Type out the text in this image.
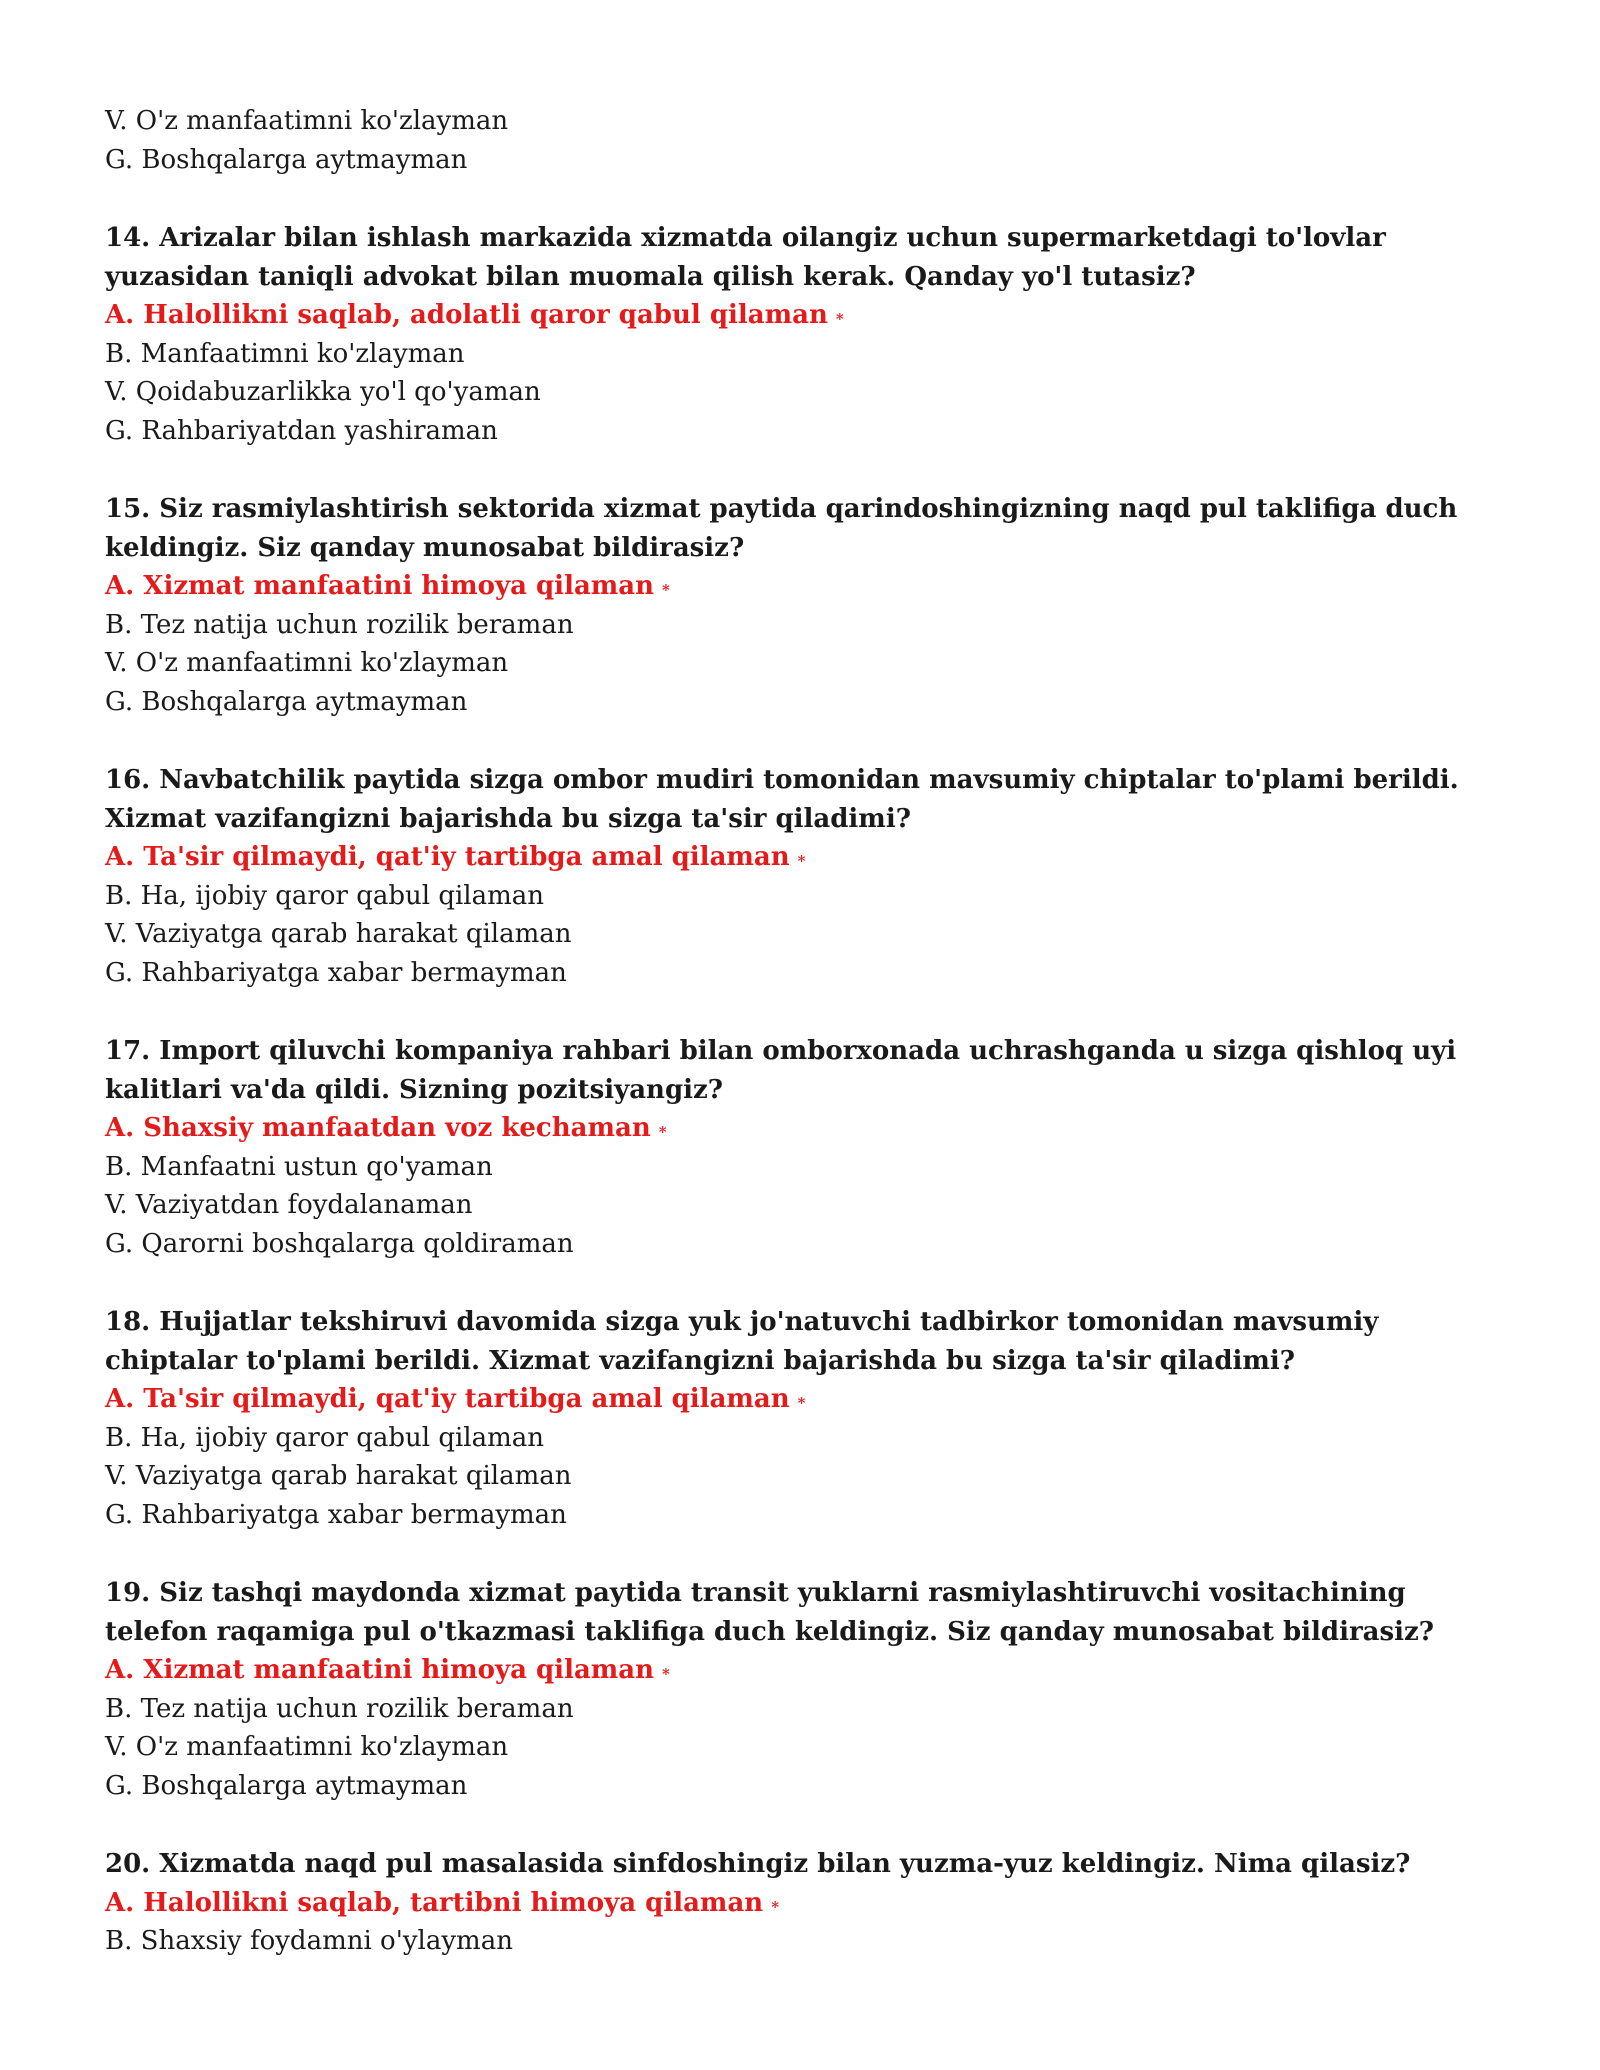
V. O'z manfaatimni ko'zlayman
G. Boshqalarga aytmayman
14. Arizalar bilan ishlash markazida xizmatda oilangiz uchun supermarketdagi to'lovlar yuzasidan taniqli advokat bilan muomala qilish kerak. Qanday yo'l tutasiz?
A. Halollikni saqlab, adolatli qaror qabul qilaman *
B. Manfaatimni ko'zlayman
V. Qoidabuzarlikka yo'l qo'yaman
G. Rahbariyatdan yashiraman
15. Siz rasmiylashtirish sektorida xizmat paytida qarindoshingizning naqd pul taklifiga duch keldingiz. Siz qanday munosabat bildirasiz?
A. Xizmat manfaatini himoya qilaman *
B. Tez natija uchun rozilik beraman
V. O'z manfaatimni ko'zlayman
G. Boshqalarga aytmayman
16. Navbatchilik paytida sizga ombor mudiri tomonidan mavsumiy chiptalar to'plami berildi. Xizmat vazifangizni bajarishda bu sizga ta'sir qiladimi?
A. Ta'sir qilmaydi, qat'iy tartibga amal qilaman *
B. Ha, ijobiy qaror qabul qilaman
V. Vaziyatga qarab harakat qilaman
G. Rahbariyatga xabar bermayman
17. Import qiluvchi kompaniya rahbari bilan omborxonada uchrashganda u sizga qishloq uyi kalitlari va'da qildi. Sizning pozitsiyangiz?
A. Shaxsiy manfaatdan voz kechaman *
B. Manfaatni ustun qo'yaman
V. Vaziyatdan foydalanaman
G. Qarorni boshqalarga qoldiraman
18. Hujjatlar tekshiruvi davomida sizga yuk jo'natuvchi tadbirkor tomonidan mavsumiy chiptalar to'plami berildi. Xizmat vazifangizni bajarishda bu sizga ta'sir qiladimi?
A. Ta'sir qilmaydi, qat'iy tartibga amal qilaman *
B. Ha, ijobiy qaror qabul qilaman
V. Vaziyatga qarab harakat qilaman
G. Rahbariyatga xabar bermayman
19. Siz tashqi maydonda xizmat paytida transit yuklarni rasmiylashtiruvchi vositachining telefon raqamiga pul o'tkazmasi taklifiga duch keldingiz. Siz qanday munosabat bildirasiz?
A. Xizmat manfaatini himoya qilaman *
B. Tez natija uchun rozilik beraman
V. O'z manfaatimni ko'zlayman
G. Boshqalarga aytmayman
20. Xizmatda naqd pul masalasida sinfdoshingiz bilan yuzma-yuz keldingiz. Nima qilasiz?
A. Halollikni saqlab, tartibni himoya qilaman *
B. Shaxsiy foydamni o'ylayman
